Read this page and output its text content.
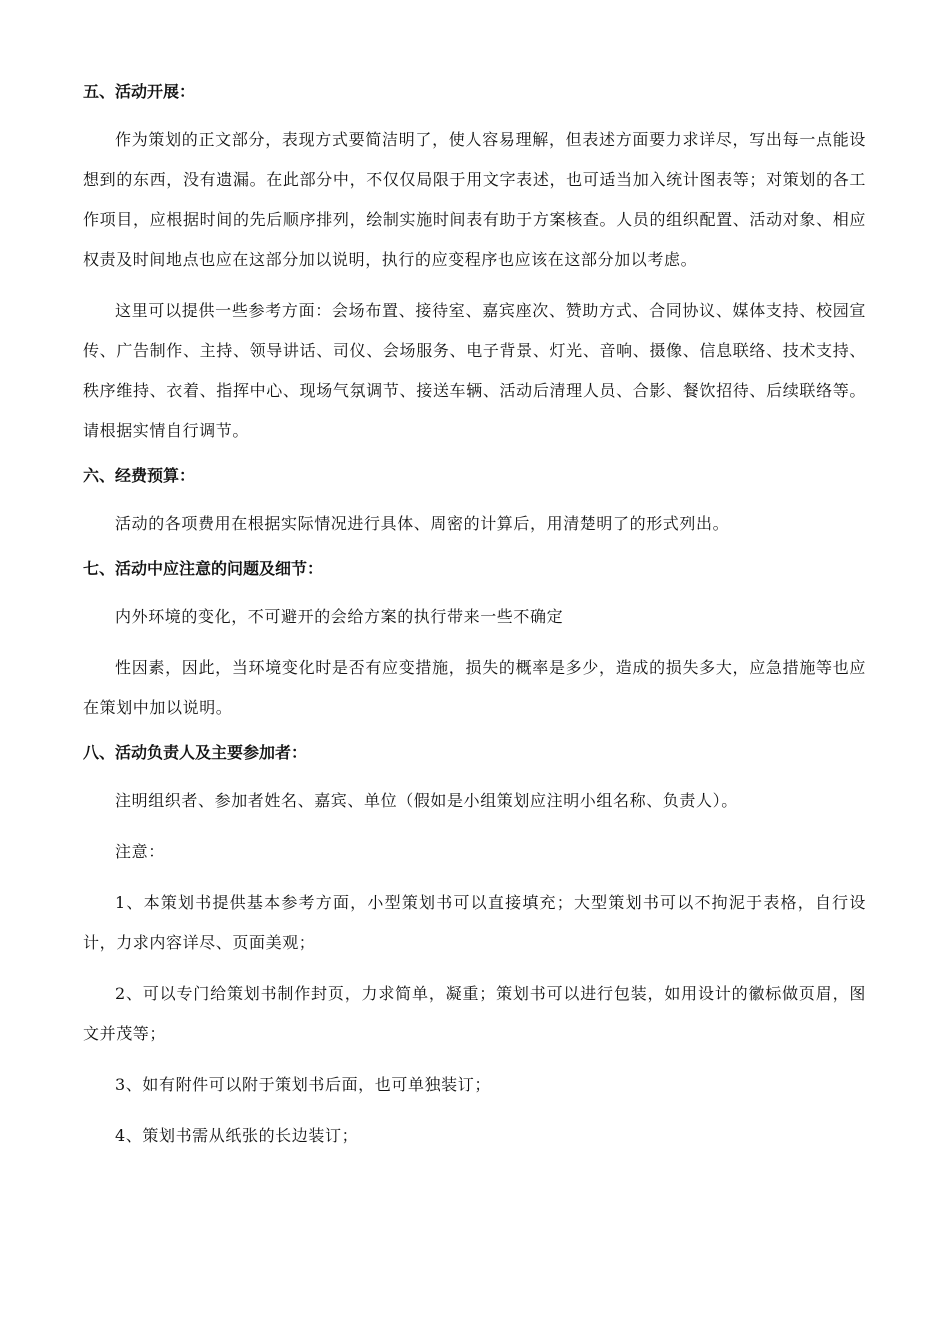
五、活动开展：

作为策划的正文部分，表现方式要简洁明了，使人容易理解，但表述方面要力求详尽，写出每一点能设想到的东西，没有遗漏。在此部分中，不仅仅局限于用文字表述，也可适当加入统计图表等；对策划的各工作项目，应根据时间的先后顺序排列，绘制实施时间表有助于方案核查。人员的组织配置、活动对象、相应权责及时间地点也应在这部分加以说明，执行的应变程序也应该在这部分加以考虑。

这里可以提供一些参考方面：会场布置、接待室、嘉宾座次、赞助方式、合同协议、媒体支持、校园宣传、广告制作、主持、领导讲话、司仪、会场服务、电子背景、灯光、音响、摄像、信息联络、技术支持、秩序维持、衣着、指挥中心、现场气氛调节、接送车辆、活动后清理人员、合影、餐饮招待、后续联络等。请根据实情自行调节。

六、经费预算：

活动的各项费用在根据实际情况进行具体、周密的计算后，用清楚明了的形式列出。

七、活动中应注意的问题及细节：

内外环境的变化，不可避开的会给方案的执行带来一些不确定

性因素，因此，当环境变化时是否有应变措施，损失的概率是多少，造成的损失多大，应急措施等也应在策划中加以说明。

八、活动负责人及主要参加者：

注明组织者、参加者姓名、嘉宾、单位（假如是小组策划应注明小组名称、负责人）。

注意：

1、本策划书提供基本参考方面，小型策划书可以直接填充；大型策划书可以不拘泥于表格，自行设计，力求内容详尽、页面美观；

2、可以专门给策划书制作封页，力求简单，凝重；策划书可以进行包装，如用设计的徽标做页眉，图文并茂等；

3、如有附件可以附于策划书后面，也可单独装订；

4、策划书需从纸张的长边装订；
